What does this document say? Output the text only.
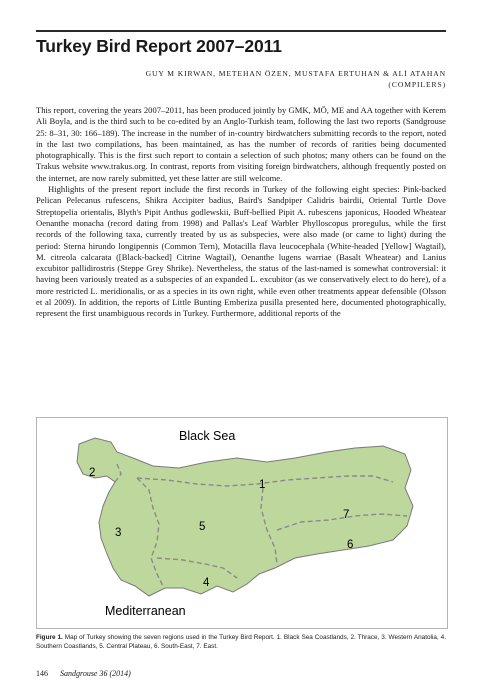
Turkey Bird Report 2007–2011
GUY M KIRWAN, METEHAN ÖZEN, MUSTAFA ERTUHAN & ALİ ATAHAN
(COMPILERS)

This report, covering the years 2007–2011, has been produced jointly by GMK, MÖ, ME and AA together with Kerem Ali Boyla, and is the third such to be co-edited by an Anglo-Turkish team, following the last two reports (Sandgrouse 25: 8–31, 30: 166–189). The increase in the number of in-country birdwatchers submitting records to the report, noted in the last two compilations, has been maintained, as has the number of records of rarities being documented photographically. This is the first such report to contain a selection of such photos; many others can be found on the Trakus website www.trakus.org. In contrast, reports from visiting foreign birdwatchers, although frequently posted on the internet, are now rarely submitted, yet these latter are still welcome.

Highlights of the present report include the first records in Turkey of the following eight species: Pink-backed Pelican Pelecanus rufescens, Shikra Accipiter badius, Baird's Sandpiper Calidris bairdii, Oriental Turtle Dove Streptopelia orientalis, Blyth's Pipit Anthus godlewskii, Buff-bellied Pipit A. rubescens japonicus, Hooded Wheatear Oenanthe monacha (record dating from 1998) and Pallas's Leaf Warbler Phylloscopus proregulus, while the first records of the following taxa, currently treated by us as subspecies, were also made (or came to light) during the period: Sterna hirundo longipennis (Common Tern), Motacilla flava leucocephala (White-headed [Yellow] Wagtail), M. citreola calcarata ([Black-backed] Citrine Wagtail), Oenanthe lugens warriae (Basalt Wheatear) and Lanius excubitor pallidirostris (Steppe Grey Shrike). Nevertheless, the status of the last-named is somewhat controversial: it having been variously treated as a subspecies of an expanded L. excubitor (as we conservatively elect to do here), of a more restricted L. meridionalis, or as a species in its own right, while even other treatments appear defensible (Olsson et al 2009). In addition, the reports of Little Bunting Emberiza pusilla presented here, documented photographically, represent the first unambiguous records in Turkey. Furthermore, additional reports of the

Black Sea
Mediterranean
1
2
3
4
5
6
7
Figure 1. Map of Turkey showing the seven regions used in the Turkey Bird Report. 1. Black Sea Coastlands, 2. Thrace, 3. Western Anatolia, 4. Southern Coastlands, 5. Central Plateau, 6. South-East, 7. East.
146 Sandgrouse 36 (2014)
